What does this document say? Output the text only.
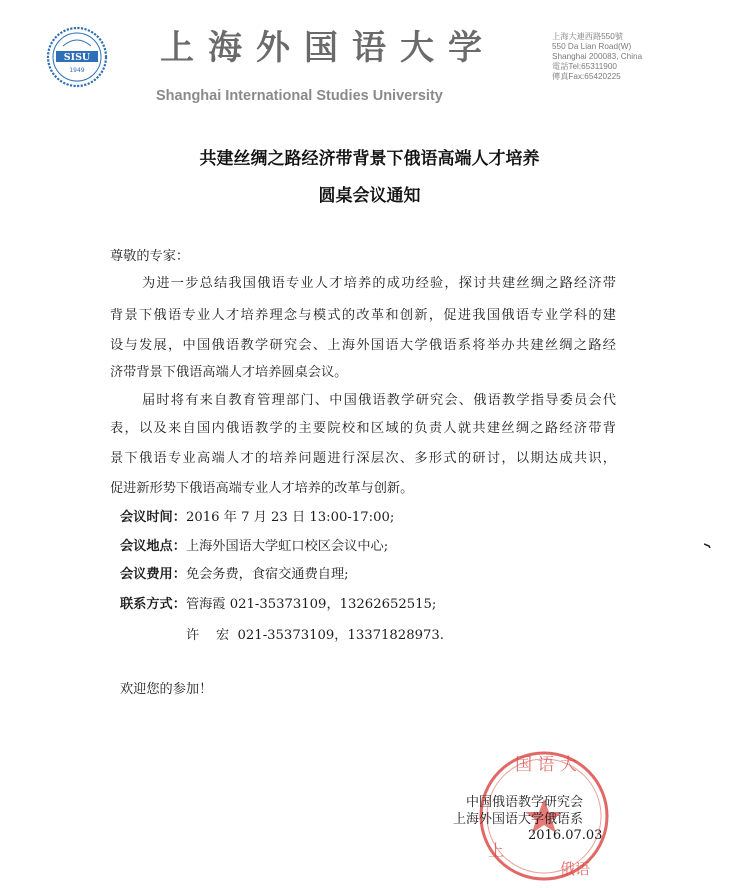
SISU
1949
上海外国语大学
Shanghai International Studies University
上海大連西路550號
550 Da Lian Road(W)
Shanghai 200083, China
電話Tel:65311900
傳真Fax:65420225
共建丝绸之路经济带背景下俄语高端人才培养
圆桌会议通知
尊敬的专家：
为进一步总结我国俄语专业人才培养的成功经验，探讨共建丝绸之路经济带
背景下俄语专业人才培养理念与模式的改革和创新，促进我国俄语专业学科的建
设与发展，中国俄语教学研究会、上海外国语大学俄语系将举办共建丝绸之路经
济带背景下俄语高端人才培养圆桌会议。
届时将有来自教育管理部门、中国俄语教学研究会、俄语教学指导委员会代
表，以及来自国内俄语教学的主要院校和区域的负责人就共建丝绸之路经济带背
景下俄语专业高端人才的培养问题进行深层次、多形式的研讨，以期达成共识，
促进新形势下俄语高端专业人才培养的改革与创新。
会议时间：2016 年 7 月 23 日 13:00-17:00;
会议地点：上海外国语大学虹口校区会议中心;
会议费用：免会务费，食宿交通费自理;
联系方式：管海霞 021-35373109，13262652515;
许    宏  021-35373109，13371828973.
欢迎您的参加！
国 语 大
上
俄语
中国俄语教学研究会
上海外国语大学俄语系
2016.07.03
